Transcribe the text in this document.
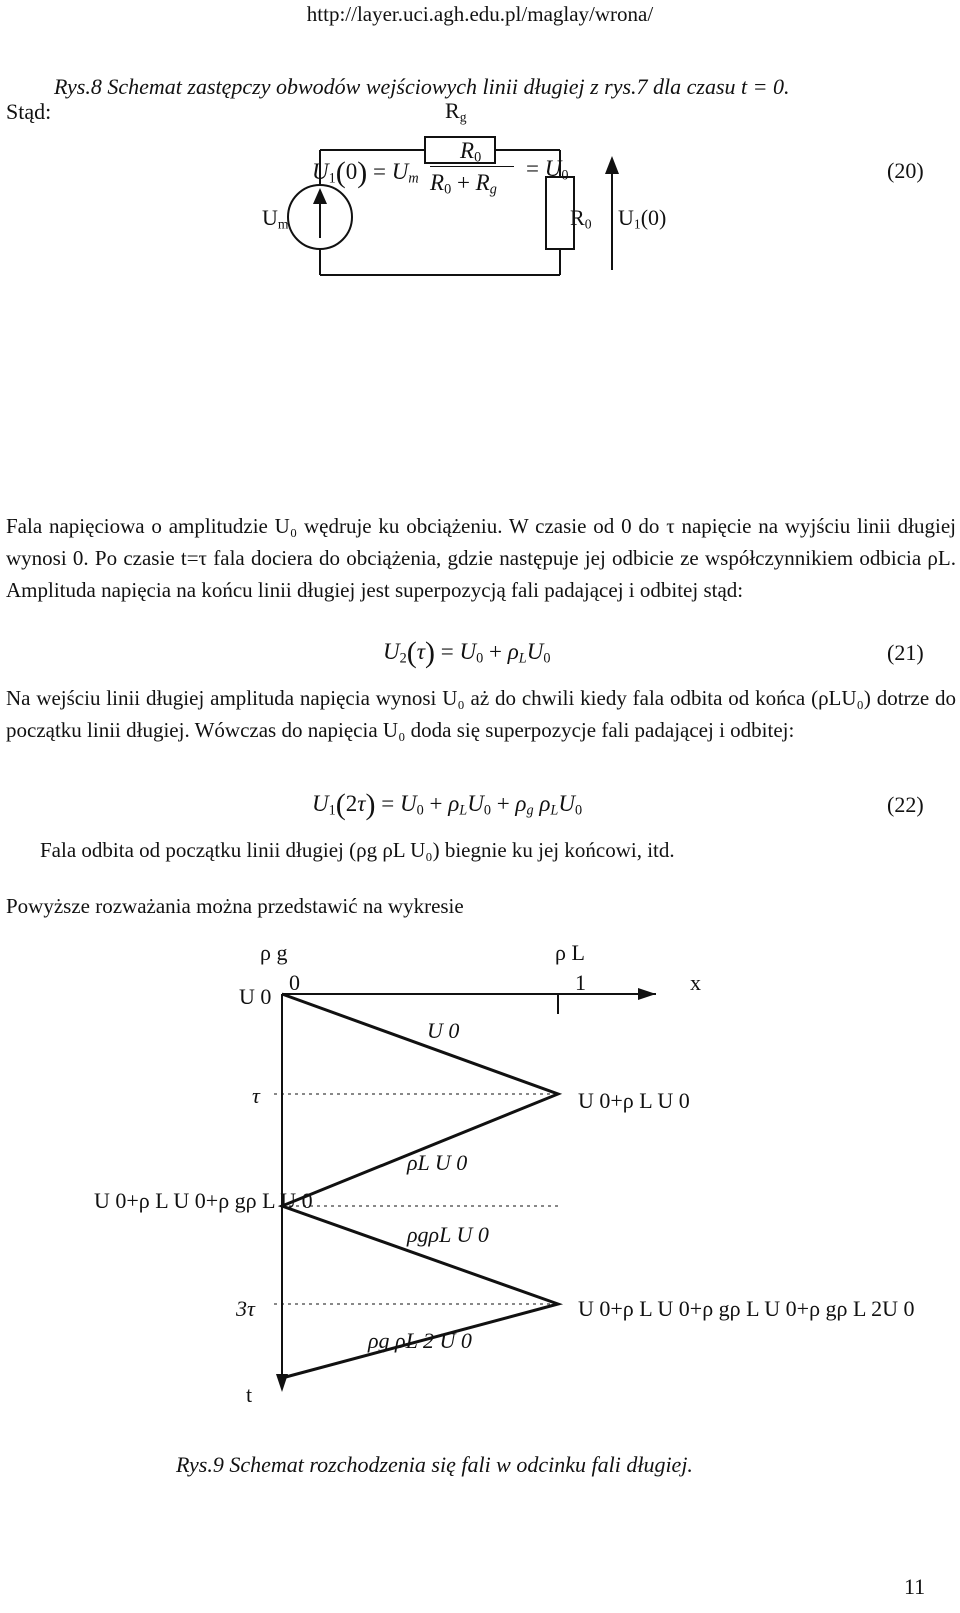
http://layer.uci.agh.edu.pl/maglay/wrona/
$R_g$
$U_m$	$R_0$ $U_1(0)$
Rys.8 Schemat zastępczy obwodów wejściowych linii długiej z rys.7 dla czasu t = 0.
Stąd:
$U_1(0) = U_m$
$R_0$
$R_0 + R_g$
= $U_0$	(20)
Fala napięciowa o amplitudzie U₀ wędruje ku obciążeniu. W czasie od 0 do τ napięcie na wyjściu linii długiej wynosi 0. Po czasie t=τ fala dociera do obciążenia, gdzie następuje jej odbicie ze współczynnikiem odbicia ρL. Amplituda napięcia na końcu linii długiej jest superpozycją fali padającej i odbitej stąd:
$U_2(\tau) = U_0 + \rho_LU_0$	(21)
Na wejściu linii długiej amplituda napięcia wynosi U₀ aż do chwili kiedy fala odbita od końca (ρLU₀) dotrze do początku linii długiej. Wówczas do napięcia U₀ doda się superpozycje fali padającej i odbitej:
$U_1(2\tau) = U_0 + \rho_LU_0 + \rho_g$ $\rho_LU_0$	(22)
Fala odbita od początku linii długiej (ρg ρL U₀) biegnie ku jej końcowi, itd.
Powyższe rozważania można przedstawić na wykresie
ρ g	ρ L
0	1	x
U 0
U 0
τ	U 0+ρ L U 0
ρL U 0
U 0+ρ L U 0+ρ gρ L U 0
ρgρL U 0
3τ	U 0+ρ L U 0+ρ gρ L U 0+ρ gρ L 2U 0
ρg ρL 2 U 0
t
Rys.9 Schemat rozchodzenia się fali w odcinku fali długiej.
11
